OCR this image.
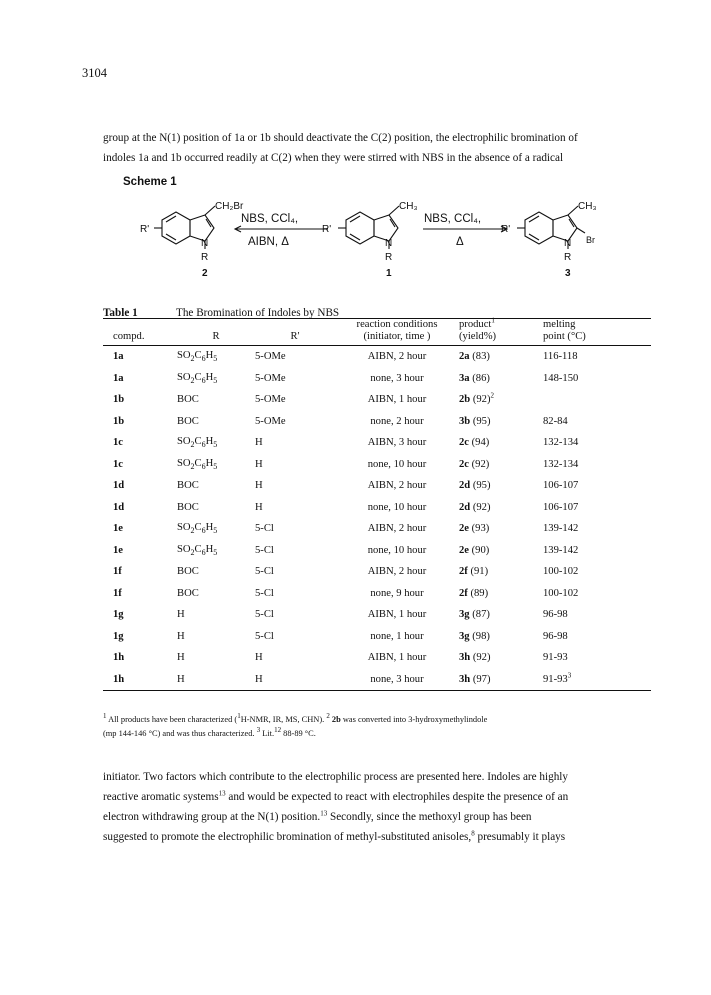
3104
group at the N(1) position of 1a or 1b should deactivate the C(2) position, the electrophilic bromination of
indoles 1a and 1b occurred readily at C(2) when they were stirred with NBS in the absence of a radical
Scheme 1
CH₂Br
R'
N
R
2
NBS, CCl₄,
AIBN, Δ
CH₃
R'
N
R
1
NBS, CCl₄,
Δ
CH₃
R'
N Br
R
3
Table 1	The Bromination of Indoles by NBS
			reaction conditions	product$^1$	melting
compd.	R	R'	(initiator, time )	(yield%)	point (°C)
1a	$SO_2C_6H_5$	5-OMe	AIBN, 2 hour	2a (83)	116-118
1a	$SO_2C_6H_5$	5-OMe	none, 3 hour	3a (86)	148-150
1b	BOC	5-OMe	AIBN, 1 hour	2b $(92)^2$	
1b	BOC	5-OMe	none, 2 hour	3b (95)	82-84
1c	$SO_2C_6H_5$	H	AIBN, 3 hour	2c (94)	132-134
1c	$SO_2C_6H_5$	H	none, 10 hour	2c (92)	132-134
1d	BOC	H	AIBN, 2 hour	2d (95)	106-107
1d	BOC	H	none, 10 hour	2d (92)	106-107
1e	$SO_2C_6H_5$	5-Cl	AIBN, 2 hour	2e (93)	139-142
1e	$SO_2C_6H_5$	5-Cl	none, 10 hour	2e (90)	139-142
1f	BOC	5-Cl	AIBN, 2 hour	2f (91)	100-102
1f	BOC	5-Cl	none, 9 hour	2f (89)	100-102
1g	H	5-Cl	AIBN, 1 hour	3g (87)	96-98
1g	H	5-Cl	none, 1 hour	3g (98)	96-98
1h	H	H	AIBN, 1 hour	3h (92)	91-93
1h	H	H	none, 3 hour	3h (97)	$91-93^3$
$^1$ All products have been characterized ($^1$H-NMR, IR, MS, CHN). $^2$ 2b was converted into 3-hydroxymethylindole
(mp 144-146 °C) and was thus characterized. $^3$ Lit.$^{12}$ 88-89 °C.
initiator. Two factors which contribute to the electrophilic process are presented here. Indoles are highly
reactive aromatic systems$^{13}$ and would be expected to react with electrophiles despite the presence of an
electron withdrawing group at the N(1) position.$^{13}$ Secondly, since the methoxyl group has been
suggested to promote the electrophilic bromination of methyl-substituted anisoles,$^8$ presumably it plays
